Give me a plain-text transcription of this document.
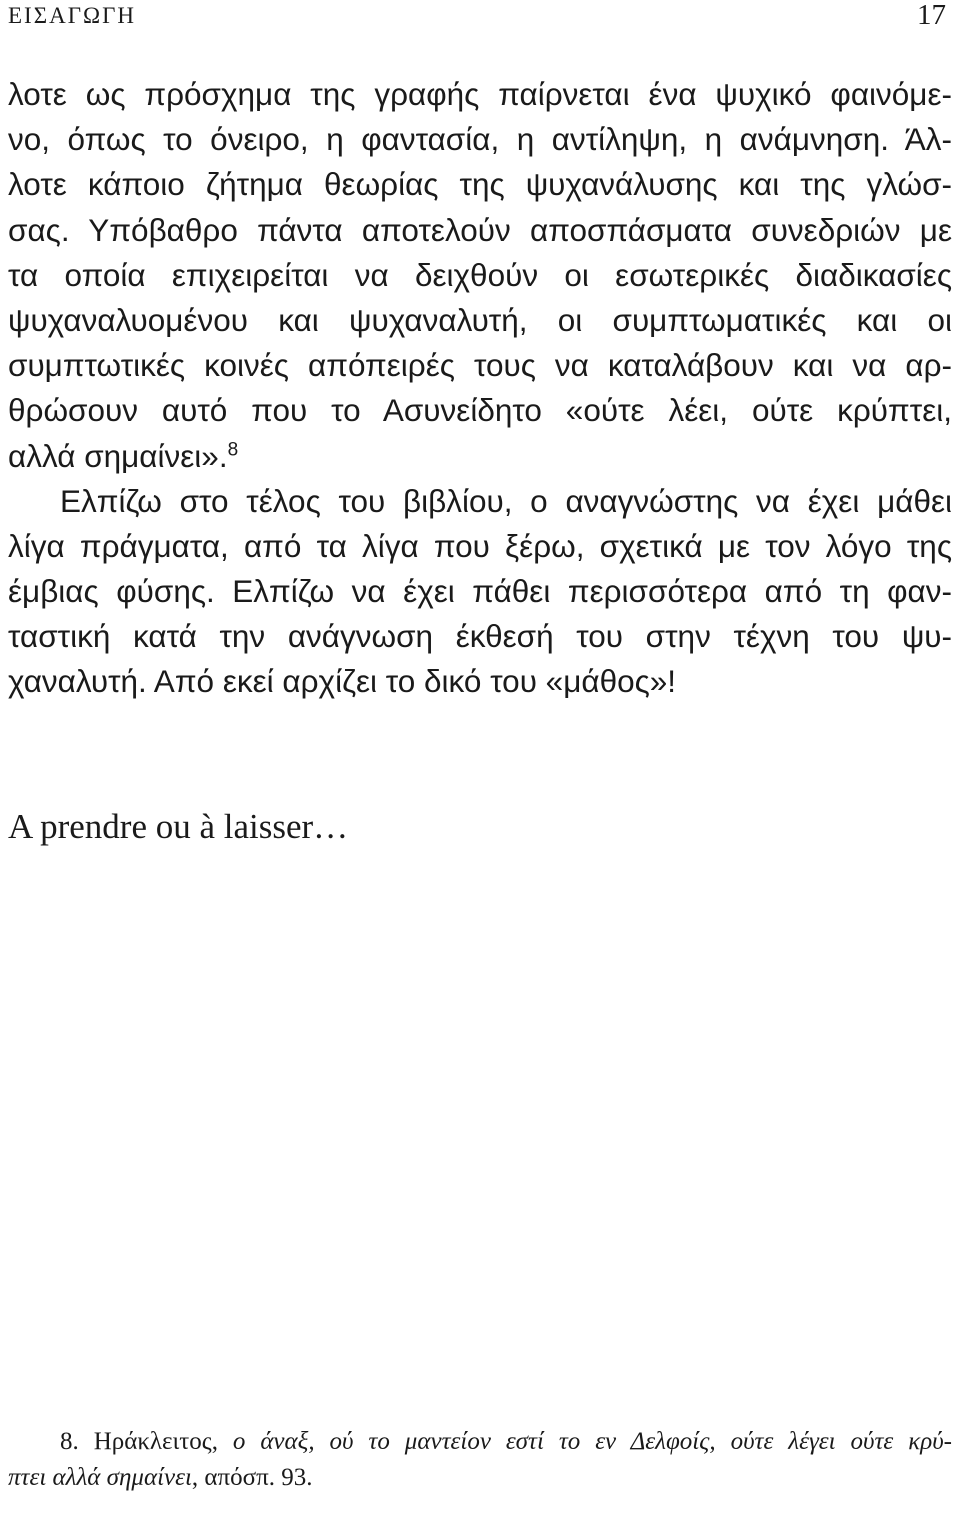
ΕΙΣΑΓΩΓΗ	17
λοτε ως πρόσχημα της γραφής παίρνεται ένα ψυχικό φαινόμε-
νο, όπως το όνειρο, η φαντασία, η αντίληψη, η ανάμνηση. Άλ-
λοτε κάποιο ζήτημα θεωρίας της ψυχανάλυσης και της γλώσ-
σας. Υπόβαθρο πάντα αποτελούν αποσπάσματα συνεδριών με
τα οποία επιχειρείται να δειχθούν οι εσωτερικές διαδικασίες
ψυχαναλυομένου και ψυχαναλυτή, οι συμπτωματικές και οι
συμπτωτικές κοινές απόπειρές τους να καταλάβουν και να αρ-
θρώσουν αυτό που το Ασυνείδητο «ούτε λέει, ούτε κρύπτει,
αλλά σημαίνει».$^8$
Ελπίζω στο τέλος του βιβλίου, ο αναγνώστης να έχει μάθει
λίγα πράγματα, από τα λίγα που ξέρω, σχετικά με τον λόγο της
έμβιας φύσης. Ελπίζω να έχει πάθει περισσότερα από τη φαν-
ταστική κατά την ανάγνωση έκθεσή του στην τέχνη του ψυ-
χαναλυτή. Από εκεί αρχίζει το δικό του «μάθος»!
A prendre ou à laisser…
8. Ηράκλειτος, ο άναξ, ού το μαντείον εστί το εν Δελφοίς, ούτε λέγει ούτε κρύ-
πτει αλλά σημαίνει, απόσπ. 93.
